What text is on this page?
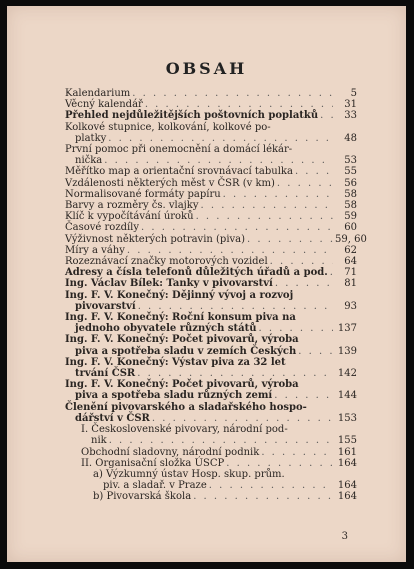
OBSAH
Kalendarium . . .	5
Věcný kalendář . . .	31
Přehled nejdůležitějších poštovních poplatků . . .	33
Kolkové stupnice, kolkování, kolkové po-
platky . . .	48
První pomoc při onemocnění a domácí lékár-
nička . . .	53
Měřítko map a orientační srovnávací tabulka . . .	55
Vzdálenosti některých měst v ČSR (v km) . . .	56
Normalisované formáty papíru . . .	58
Barvy a rozměry čs. vlajky . . .	58
Klíč k vypočítávání úroků . . .	59
Časové rozdíly . . .	60
Výživnost některých potravin (piva) . . .	59, 60
Míry a váhy . . .	62
Rozeznávací značky motorových vozidel . . .	64
Adresy a čísla telefonů důležitých úřadů a pod. . . .	71
Ing. Václav Bílek: Tanky v pivovarství . . .	81
Ing. F. V. Konečný: Dějinný vývoj a rozvoj
pivovarství . . .	93
Ing. F. V. Konečný: Roční konsum piva na
jednoho obyvatele různých států . . .	137
Ing. F. V. Konečný: Počet pivovarů, výroba
piva a spotřeba sladu v zemích Českých . . .	139
Ing. F. V. Konečný: Výstav piva za 32 let
trvání ČSR . . .	142
Ing. F. V. Konečný: Počet pivovarů, výroba
piva a spotřeba sladu různých zemí . . .	144
Členění pivovarského a sladařského hospo-
dářství v ČSR . . .	153
I. Československé pivovary, národní pod-
nik . . .	155
Obchodní sladovny, národní podnik . . .	161
II. Organisační složka ÚSCP . . .	164
a) Výzkumný ústav Hosp. skup. prům.
piv. a sladař. v Praze . . .	164
b) Pivovarská škola . . .	164
3
